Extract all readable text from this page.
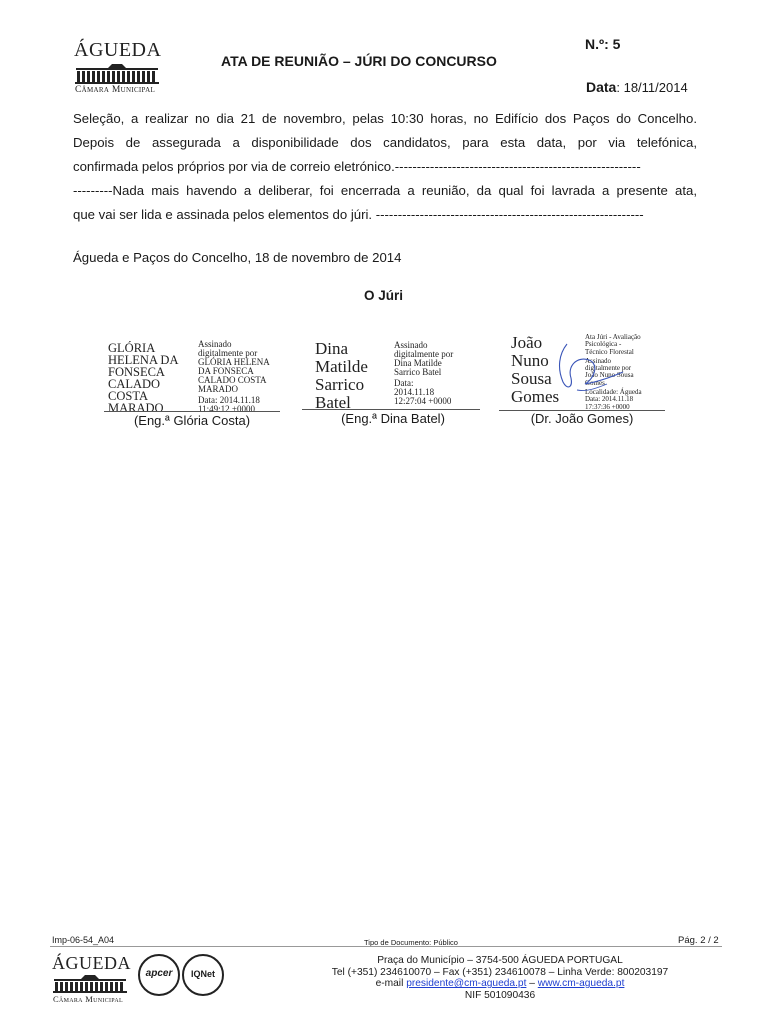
ÁGUEDA
Câmara Municipal
ATA DE REUNIÃO – JÚRI DO CONCURSO
N.º: 5
Data: 18/11/2014
Seleção, a realizar no dia 21 de novembro, pelas 10:30 horas, no Edifício dos Paços do Concelho.
Depois de assegurada a disponibilidade dos candidatos, para esta data, por via telefónica,
confirmada pelos próprios por via de correio eletrónico.--------------------------------------------------------
---------Nada mais havendo a deliberar, foi encerrada a reunião, da qual foi lavrada a presente ata,
que vai ser lida e assinada pelos elementos do júri. -------------------------------------------------------------
Águeda e Paços do Concelho, 18 de novembro de 2014
O Júri
GLÓRIA
HELENA DA
FONSECA
CALADO
COSTA
MARADO
Assinado
digitalmente por
GLÓRIA HELENA
DA FONSECA
CALADO COSTA
MARADO
Data: 2014.11.18
11:49:12 +0000
(Eng.ª Glória Costa)
Dina
Matilde
Sarrico
Batel
Assinado
digitalmente por
Dina Matilde
Sarrico Batel
Data:
2014.11.18
12:27:04 +0000
(Eng.ª Dina Batel)
João
Nuno
Sousa
Gomes
Ata Júri - Avaliação
Psicológica -
Técnico Florestal
Assinado
digitalmente por
João Nuno Sousa
Gomes
Localidade: Águeda
Data: 2014.11.18
17:37:36 +0000
(Dr. João Gomes)
Imp-06-54_A04	Tipo de Documento: Público	Pág. 2 / 2
ÁGUEDA
Câmara Municipal
apcer	IQNet
Praça do Município – 3754-500 ÁGUEDA PORTUGAL
Tel (+351) 234610070 – Fax (+351) 234610078 – Linha Verde: 800203197
e-mail presidente@cm-agueda.pt – www.cm-agueda.pt
NIF 501090436
